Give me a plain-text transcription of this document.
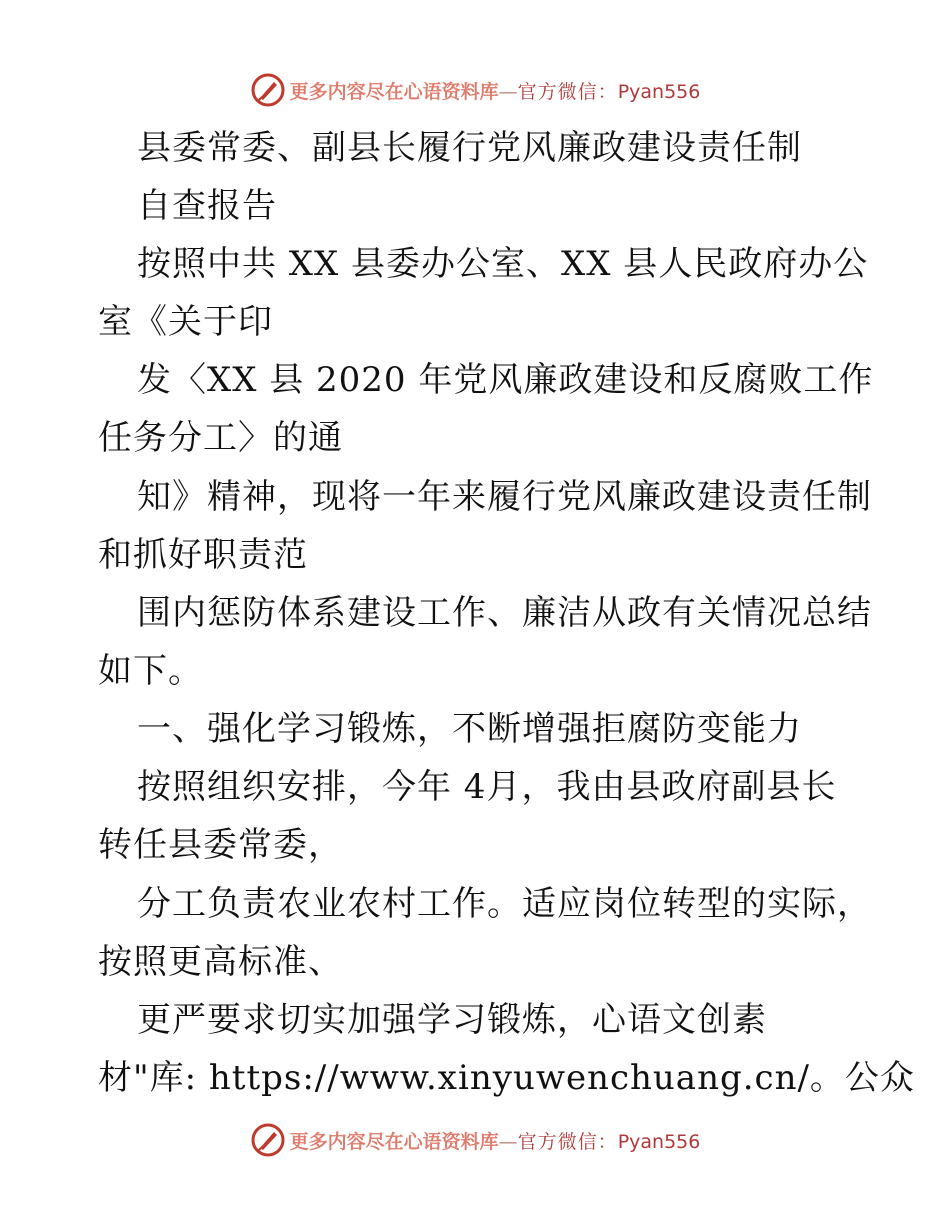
更多内容尽在心语资料库—官方微信：Pyan556
县委常委、副县长履行党风廉政建设责任制
自查报告
按照中共 XX 县委办公室、XX 县人民政府办公
室《关于印
发〈XX 县 2020 年党风廉政建设和反腐败工作
任务分工〉的通
知》精神，现将一年来履行党风廉政建设责任制
和抓好职责范
围内惩防体系建设工作、廉洁从政有关情况总结
如下。
一、强化学习锻炼，不断增强拒腐防变能力
按照组织安排，今年 4月，我由县政府副县长
转任县委常委，
分工负责农业农村工作。适应岗位转型的实际，
按照更高标准、
更严要求切实加强学习锻炼，心语文创素
材"库: https://www.xinyuwenchuang.cn/。公众
更多内容尽在心语资料库—官方微信：Pyan556
